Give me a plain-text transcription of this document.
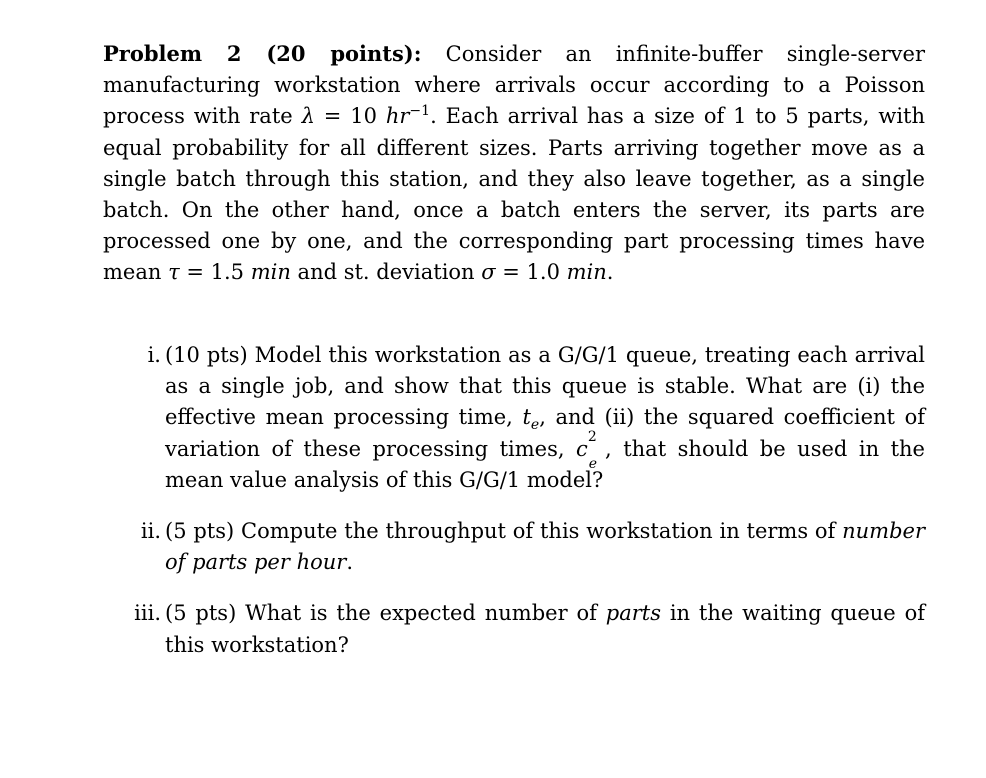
Problem 2 (20 points): Consider an infinite-buffer single-server manufacturing workstation where arrivals occur according to a Poisson process with rate λ = 10 $hr^{-1}$. Each arrival has a size of 1 to 5 parts, with equal probability for all different sizes. Parts arriving together move as a single batch through this station, and they also leave together, as a single batch. On the other hand, once a batch enters the server, its parts are processed one by one, and the corresponding part processing times have mean τ = 1.5 min and st. deviation σ = 1.0 min.
i. (10 pts) Model this workstation as a G/G/1 queue, treating each arrival as a single job, and show that this queue is stable. What are (i) the effective mean processing time, $t_e$, and (ii) the squared coefficient of variation of these processing times, $c^2_e$, that should be used in the mean value analysis of this G/G/1 model?
ii. (5 pts) Compute the throughput of this workstation in terms of number of parts per hour.
iii. (5 pts) What is the expected number of parts in the waiting queue of this workstation?
